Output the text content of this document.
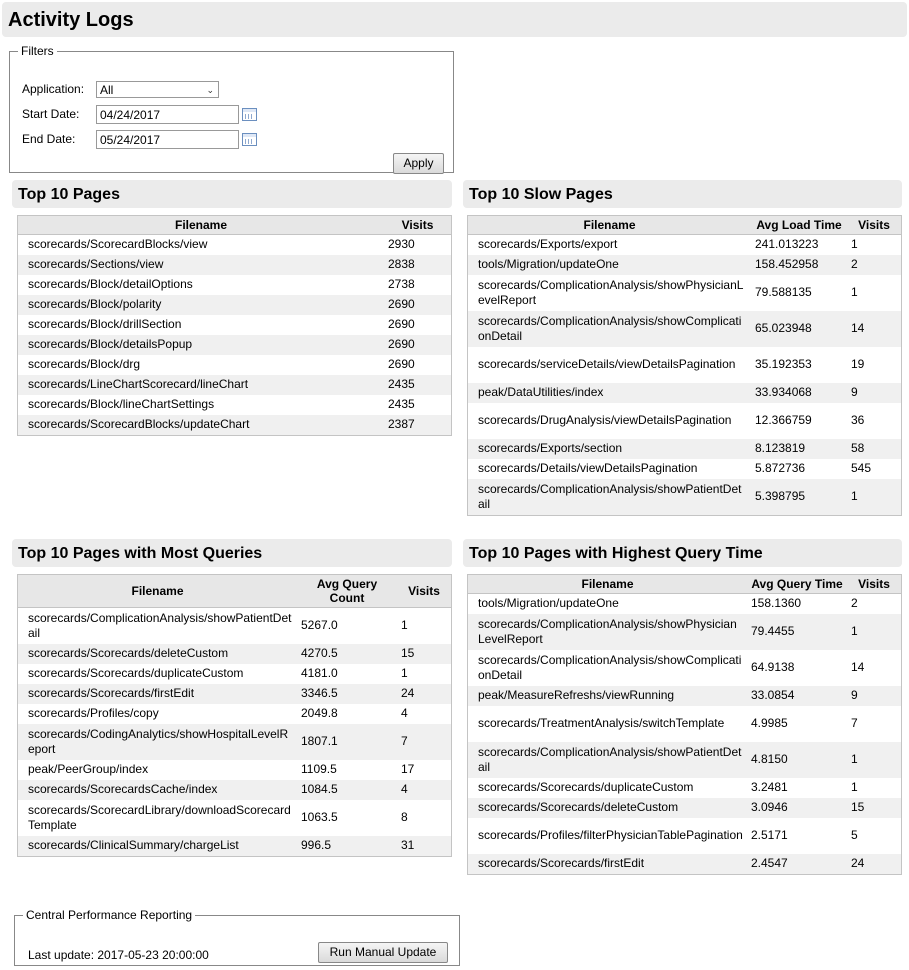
Activity Logs
Filters
Application:	All	⌄
Start Date:	04/24/2017
End Date:	05/24/2017
Apply
Top 10 Pages
Filename	Visits
scorecards/ScorecardBlocks/view	2930
scorecards/Sections/view	2838
scorecards/Block/detailOptions	2738
scorecards/Block/polarity	2690
scorecards/Block/drillSection	2690
scorecards/Block/detailsPopup	2690
scorecards/Block/drg	2690
scorecards/LineChartScorecard/lineChart	2435
scorecards/Block/lineChartSettings	2435
scorecards/ScorecardBlocks/updateChart	2387
Top 10 Slow Pages
Filename	Avg Load Time	Visits
scorecards/Exports/export	241.013223	1
tools/Migration/updateOne	158.452958	2
scorecards/ComplicationAnalysis/showPhysicianLevelReport	79.588135	1
scorecards/ComplicationAnalysis/showComplicationDetail	65.023948	14
scorecards/serviceDetails/viewDetailsPagination	35.192353	19
peak/DataUtilities/index	33.934068	9
scorecards/DrugAnalysis/viewDetailsPagination	12.366759	36
scorecards/Exports/section	8.123819	58
scorecards/Details/viewDetailsPagination	5.872736	545
scorecards/ComplicationAnalysis/showPatientDetail	5.398795	1
Top 10 Pages with Most Queries
Filename	Avg Query Count	Visits
scorecards/ComplicationAnalysis/showPatientDetail	5267.0	1
scorecards/Scorecards/deleteCustom	4270.5	15
scorecards/Scorecards/duplicateCustom	4181.0	1
scorecards/Scorecards/firstEdit	3346.5	24
scorecards/Profiles/copy	2049.8	4
scorecards/CodingAnalytics/showHospitalLevelReport	1807.1	7
peak/PeerGroup/index	1109.5	17
scorecards/ScorecardsCache/index	1084.5	4
scorecards/ScorecardLibrary/downloadScorecardTemplate	1063.5	8
scorecards/ClinicalSummary/chargeList	996.5	31
Top 10 Pages with Highest Query Time
Filename	Avg Query Time	Visits
tools/Migration/updateOne	158.1360	2
scorecards/ComplicationAnalysis/showPhysicianLevelReport	79.4455	1
scorecards/ComplicationAnalysis/showComplicationDetail	64.9138	14
peak/MeasureRefreshs/viewRunning	33.0854	9
scorecards/TreatmentAnalysis/switchTemplate	4.9985	7
scorecards/ComplicationAnalysis/showPatientDetail	4.8150	1
scorecards/Scorecards/duplicateCustom	3.2481	1
scorecards/Scorecards/deleteCustom	3.0946	15
scorecards/Profiles/filterPhysicianTablePagination	2.5171	5
scorecards/Scorecards/firstEdit	2.4547	24
Central Performance Reporting
Last update: 2017-05-23 20:00:00	Run Manual Update
